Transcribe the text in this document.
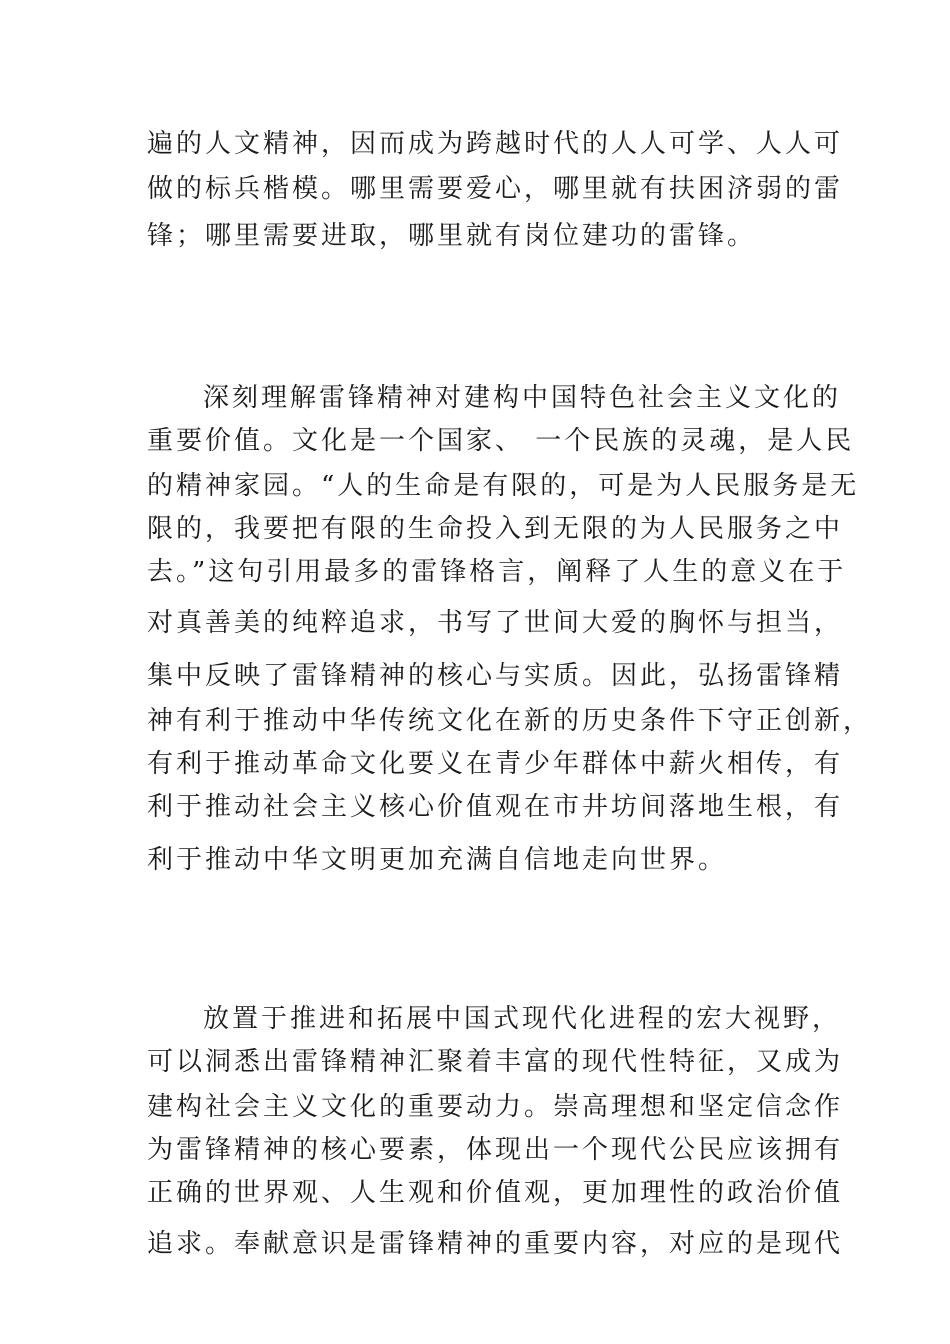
遍的人文精神，因而成为跨越时代的人人可学、人人可
做的标兵楷模。哪里需要爱心，哪里就有扶困济弱的雷
锋；哪里需要进取，哪里就有岗位建功的雷锋。
深刻理解雷锋精神对建构中国特色社会主义文化的
重要价值。文化是一个国家、 一个民族的灵魂，是人民
的精神家园。“人的生命是有限的，可是为人民服务是无
限的，我要把有限的生命投入到无限的为人民服务之中
去。”这句引用最多的雷锋格言，阐释了人生的意义在于
对真善美的纯粹追求，书写了世间大爱的胸怀与担当，
集中反映了雷锋精神的核心与实质。因此，弘扬雷锋精
神有利于推动中华传统文化在新的历史条件下守正创新，
有利于推动革命文化要义在青少年群体中薪火相传，有
利于推动社会主义核心价值观在市井坊间落地生根，有
利于推动中华文明更加充满自信地走向世界。
放置于推进和拓展中国式现代化进程的宏大视野，
可以洞悉出雷锋精神汇聚着丰富的现代性特征，又成为
建构社会主义文化的重要动力。崇高理想和坚定信念作
为雷锋精神的核心要素，体现出一个现代公民应该拥有
正确的世界观、人生观和价值观，更加理性的政治价值
追求。奉献意识是雷锋精神的重要内容，对应的是现代
